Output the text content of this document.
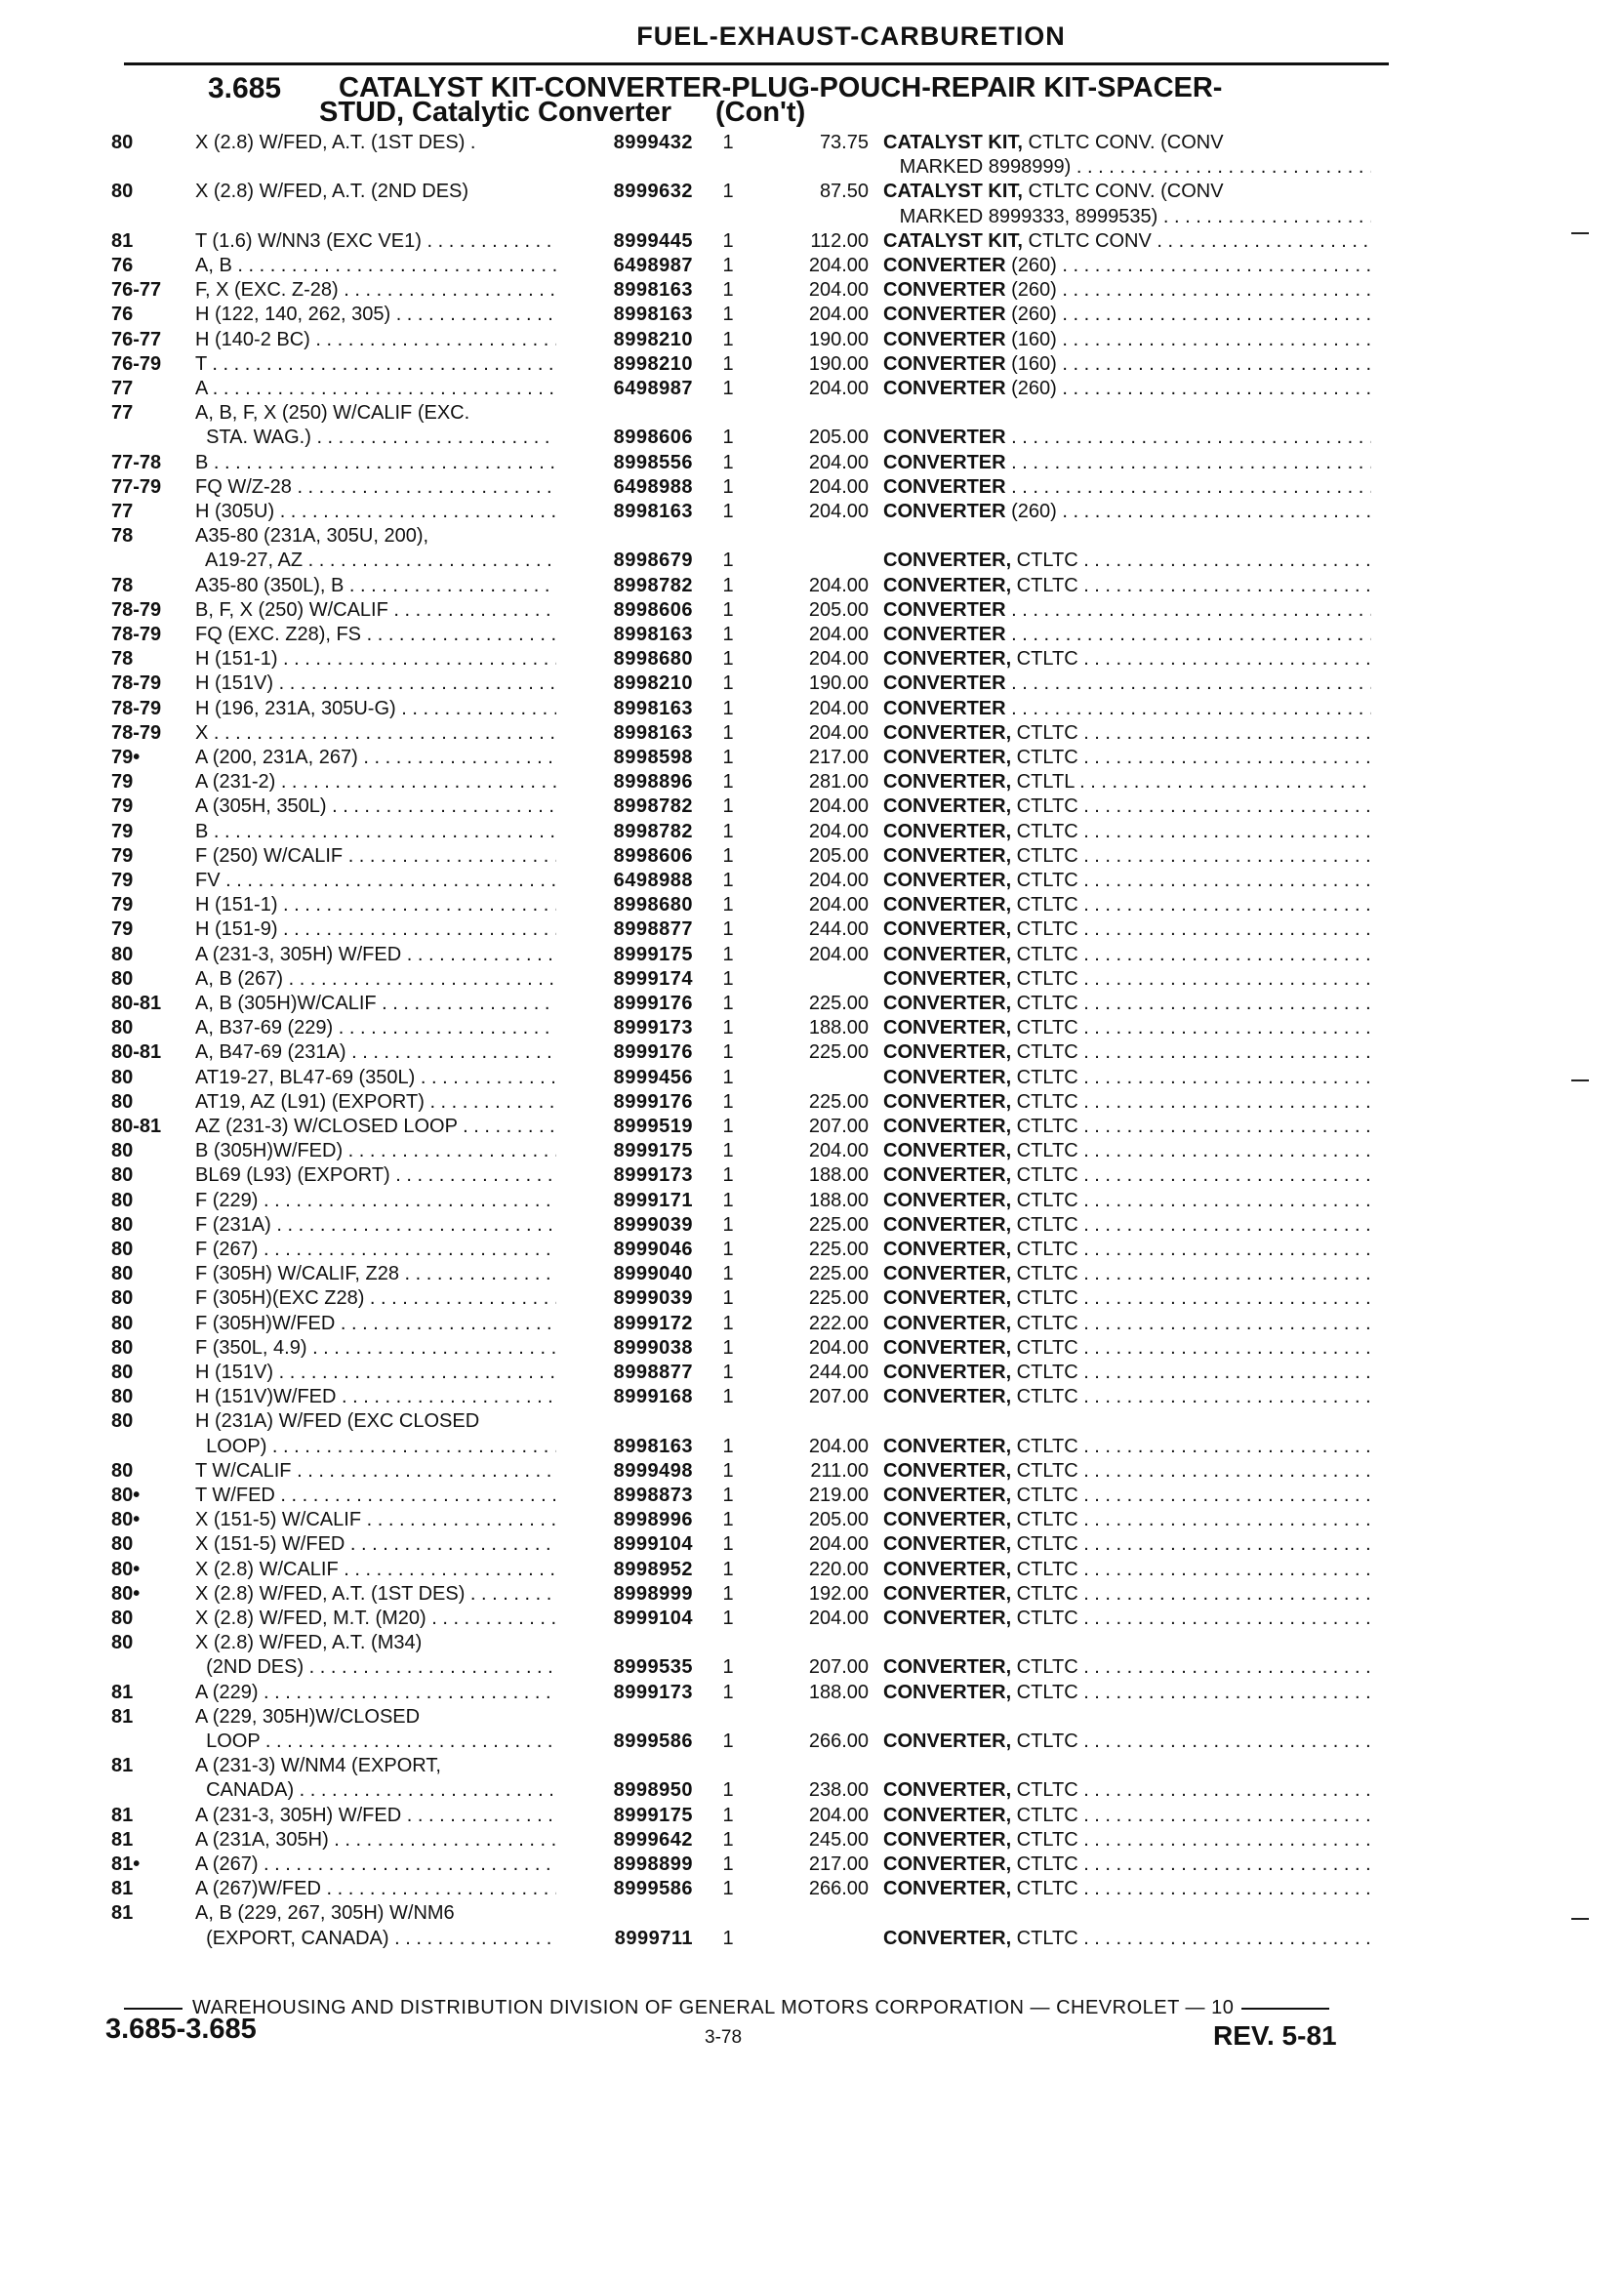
FUEL-EXHAUST-CARBURETION
3.685 CATALYST KIT-CONVERTER-PLUG-POUCH-REPAIR KIT-SPACER-
STUD, Catalytic Converter (Con't)
80	X (2.8) W/FED, A.T. (1ST DES) .	8999432 1	73.75 CATALYST KIT, CTLTC CONV. (CONV
MARKED 8998999) . . .
80	X (2.8) W/FED, A.T. (2ND DES)	8999632 1	87.50 CATALYST KIT, CTLTC CONV. (CONV
MARKED 8999333, 8999535) . . .
81	T (1.6) W/NN3 (EXC VE1) . . .	8999445 1	112.00 CATALYST KIT, CTLTC CONV . . .
76	A, B . . .	6498987 1	204.00 CONVERTER (260) . . .
76-77 F, X (EXC. Z-28) . . .	8998163 1	204.00 CONVERTER (260) . . .
76	H (122, 140, 262, 305) . . .	8998163 1	204.00 CONVERTER (260) . . .
76-77 H (140-2 BC) . . .	8998210 1	190.00 CONVERTER (160) . . .
76-79 T . . .	8998210 1	190.00 CONVERTER (160) . . .
77	A . . .	6498987 1	204.00 CONVERTER (260) . . .
77	A, B, F, X (250) W/CALIF (EXC.
STA. WAG.) . . .	8998606 1	205.00 CONVERTER . . .
77-78 B . . .	8998556 1	204.00 CONVERTER . . .
77-79 FQ W/Z-28 . . .	6498988 1	204.00 CONVERTER . . .
77	H (305U) . . .	8998163 1	204.00 CONVERTER (260) . . .
78	A35-80 (231A, 305U, 200),
A19-27, AZ . . .	8998679 1	CONVERTER, CTLTC . . .
78	A35-80 (350L), B . . .	8998782 1	204.00 CONVERTER, CTLTC . . .
78-79 B, F, X (250) W/CALIF . . .	8998606 1	205.00 CONVERTER . . .
78-79 FQ (EXC. Z28), FS . . .	8998163 1	204.00 CONVERTER . . .
78	H (151-1) . . .	8998680 1	204.00 CONVERTER, CTLTC . . .
78-79 H (151V) . . .	8998210 1	190.00 CONVERTER . . .
78-79 H (196, 231A, 305U-G) . . .	8998163 1	204.00 CONVERTER . . .
78-79 X . . .	8998163 1	204.00 CONVERTER, CTLTC . . .
79•	A (200, 231A, 267) . . .	8998598 1	217.00 CONVERTER, CTLTC . . .
79	A (231-2) . . .	8998896 1	281.00 CONVERTER, CTLTL . . .
79	A (305H, 350L) . . .	8998782 1	204.00 CONVERTER, CTLTC . . .
79	B . . .	8998782 1	204.00 CONVERTER, CTLTC . . .
79	F (250) W/CALIF . . .	8998606 1	205.00 CONVERTER, CTLTC . . .
79	FV . . .	6498988 1	204.00 CONVERTER, CTLTC . . .
79	H (151-1) . . .	8998680 1	204.00 CONVERTER, CTLTC . . .
79	H (151-9) . . .	8998877 1	244.00 CONVERTER, CTLTC . . .
80	A (231-3, 305H) W/FED . . .	8999175 1	204.00 CONVERTER, CTLTC . . .
80	A, B (267) . . .	8999174 1	CONVERTER, CTLTC . . .
80-81 A, B (305H)W/CALIF . . .	8999176 1	225.00 CONVERTER, CTLTC . . .
80	A, B37-69 (229) . . .	8999173 1	188.00 CONVERTER, CTLTC . . .
80-81 A, B47-69 (231A) . . .	8999176 1	225.00 CONVERTER, CTLTC . . .
80	AT19-27, BL47-69 (350L) . . .	8999456 1	CONVERTER, CTLTC . . .
80	AT19, AZ (L91) (EXPORT) . . .	8999176 1	225.00 CONVERTER, CTLTC . . .
80-81 AZ (231-3) W/CLOSED LOOP . . .	8999519 1	207.00 CONVERTER, CTLTC . . .
80	B (305H)W/FED) . . .	8999175 1	204.00 CONVERTER, CTLTC . . .
80	BL69 (L93) (EXPORT) . . .	8999173 1	188.00 CONVERTER, CTLTC . . .
80	F (229) . . .	8999171 1	188.00 CONVERTER, CTLTC . . .
80	F (231A) . . .	8999039 1	225.00 CONVERTER, CTLTC . . .
80	F (267) . . .	8999046 1	225.00 CONVERTER, CTLTC . . .
80	F (305H) W/CALIF, Z28 . . .	8999040 1	225.00 CONVERTER, CTLTC . . .
80	F (305H)(EXC Z28) . . .	8999039 1	225.00 CONVERTER, CTLTC . . .
80	F (305H)W/FED . . .	8999172 1	222.00 CONVERTER, CTLTC . . .
80	F (350L, 4.9) . . .	8999038 1	204.00 CONVERTER, CTLTC . . .
80	H (151V) . . .	8998877 1	244.00 CONVERTER, CTLTC . . .
80	H (151V)W/FED . . .	8999168 1	207.00 CONVERTER, CTLTC . . .
80	H (231A) W/FED (EXC CLOSED
LOOP) . . .	8998163 1	204.00 CONVERTER, CTLTC . . .
80	T W/CALIF . . .	8999498 1	211.00 CONVERTER, CTLTC . . .
80•	T W/FED . . .	8998873 1	219.00 CONVERTER, CTLTC . . .
80•	X (151-5) W/CALIF . . .	8998996 1	205.00 CONVERTER, CTLTC . . .
80	X (151-5) W/FED . . .	8999104 1	204.00 CONVERTER, CTLTC . . .
80•	X (2.8) W/CALIF . . .	8998952 1	220.00 CONVERTER, CTLTC . . .
80•	X (2.8) W/FED, A.T. (1ST DES) . . . .	8998999 1	192.00 CONVERTER, CTLTC . . .
80	X (2.8) W/FED, M.T. (M20) . . .	8999104 1	204.00 CONVERTER, CTLTC . . .
80	X (2.8) W/FED, A.T. (M34)
(2ND DES) . . .	8999535 1	207.00 CONVERTER, CTLTC . . .
81	A (229) . . .	8999173 1	188.00 CONVERTER, CTLTC . . .
81	A (229, 305H)W/CLOSED
LOOP . . .	8999586 1	266.00 CONVERTER, CTLTC . . .
81	A (231-3) W/NM4 (EXPORT,
CANADA) . . .	8998950 1	238.00 CONVERTER, CTLTC . . .
81	A (231-3, 305H) W/FED . . .	8999175 1	204.00 CONVERTER, CTLTC . . .
81	A (231A, 305H) . . .	8999642 1	245.00 CONVERTER, CTLTC . . .
81•	A (267) . . .	8998899 1	217.00 CONVERTER, CTLTC . . .
81	A (267)W/FED . . .	8999586 1	266.00 CONVERTER, CTLTC . . .
81	A, B (229, 267, 305H) W/NM6
(EXPORT, CANADA) . . .	8999711 1	CONVERTER, CTLTC . . .
WAREHOUSING AND DISTRIBUTION DIVISION OF GENERAL MOTORS CORPORATION — CHEVROLET — 10
3.685-3.685	3-78	REV. 5-81
